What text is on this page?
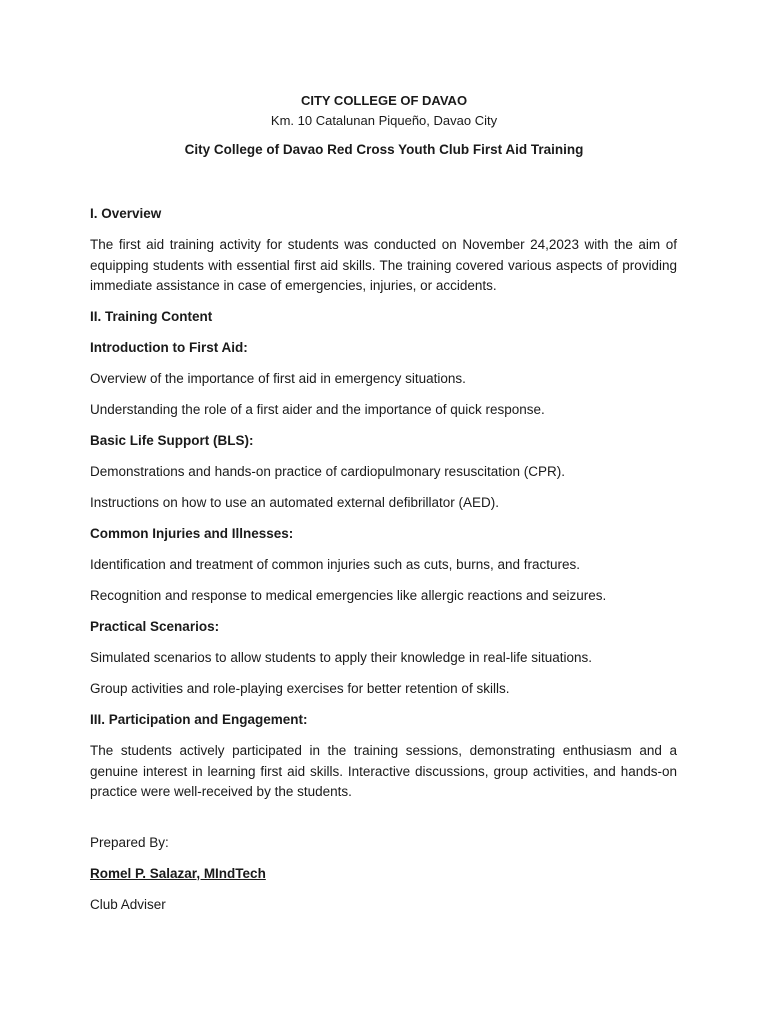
CITY COLLEGE OF DAVAO
Km. 10 Catalunan Piqueño, Davao City
City College of Davao Red Cross Youth Club First Aid Training

I. Overview

The first aid training activity for students was conducted on November 24,2023 with the aim of equipping students with essential first aid skills. The training covered various aspects of providing immediate assistance in case of emergencies, injuries, or accidents.

II. Training Content

Introduction to First Aid:

Overview of the importance of first aid in emergency situations.

Understanding the role of a first aider and the importance of quick response.

Basic Life Support (BLS):

Demonstrations and hands-on practice of cardiopulmonary resuscitation (CPR).

Instructions on how to use an automated external defibrillator (AED).

Common Injuries and Illnesses:

Identification and treatment of common injuries such as cuts, burns, and fractures.

Recognition and response to medical emergencies like allergic reactions and seizures.

Practical Scenarios:

Simulated scenarios to allow students to apply their knowledge in real-life situations.

Group activities and role-playing exercises for better retention of skills.

III. Participation and Engagement:

The students actively participated in the training sessions, demonstrating enthusiasm and a genuine interest in learning first aid skills. Interactive discussions, group activities, and hands-on practice were well-received by the students.

Prepared By:

Romel P. Salazar, MIndTech

Club Adviser
